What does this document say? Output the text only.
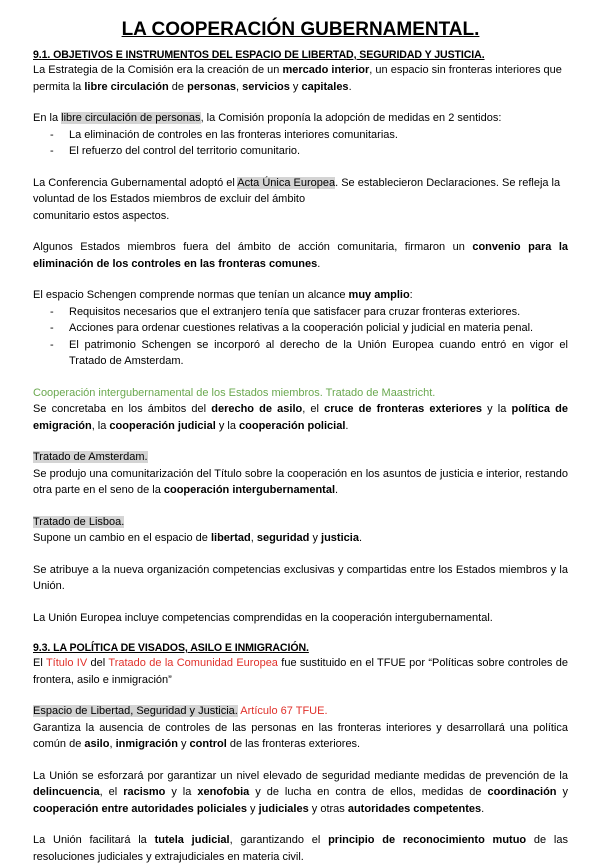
LA COOPERACIÓN GUBERNAMENTAL.
9.1. OBJETIVOS E INSTRUMENTOS DEL ESPACIO DE LIBERTAD, SEGURIDAD Y JUSTICIA.

La Estrategia de la Comisión era la creación de un mercado interior, un espacio sin fronteras interiores que permita la libre circulación de personas, servicios y capitales.

En la libre circulación de personas, la Comisión proponía la adopción de medidas en 2 sentidos:

- La eliminación de controles en las fronteras interiores comunitarias.
- El refuerzo del control del territorio comunitario.

La Conferencia Gubernamental adoptó el Acta Única Europea. Se establecieron Declaraciones. Se refleja la voluntad de los Estados miembros de excluir del ámbito
comunitario estos aspectos.

Algunos Estados miembros fuera del ámbito de acción comunitaria, firmaron un convenio para la eliminación de los controles en las fronteras comunes.

El espacio Schengen comprende normas que tenían un alcance muy amplio:

- Requisitos necesarios que el extranjero tenía que satisfacer para cruzar fronteras exteriores.
- Acciones para ordenar cuestiones relativas a la cooperación policial y judicial en materia penal.
- El patrimonio Schengen se incorporó al derecho de la Unión Europea cuando entró en vigor el Tratado de Amsterdam.

Cooperación intergubernamental de los Estados miembros. Tratado de Maastricht.

Se concretaba en los ámbitos del derecho de asilo, el cruce de fronteras exteriores y la política de emigración, la cooperación judicial y la cooperación policial.

Tratado de Amsterdam.

Se produjo una comunitarización del Título sobre la cooperación en los asuntos de justicia e interior, restando otra parte en el seno de la cooperación intergubernamental.

Tratado de Lisboa.

Supone un cambio en el espacio de libertad, seguridad y justicia.

Se atribuye a la nueva organización competencias exclusivas y compartidas entre los Estados miembros y la Unión.

La Unión Europea incluye competencias comprendidas en la cooperación intergubernamental.

9.3. LA POLÍTICA DE VISADOS, ASILO E INMIGRACIÓN.

El Título IV del Tratado de la Comunidad Europea fue sustituido en el TFUE por “Políticas sobre controles de frontera, asilo e inmigración”

Espacio de Libertad, Seguridad y Justicia. Artículo 67 TFUE.

Garantiza la ausencia de controles de las personas en las fronteras interiores y desarrollará una política común de asilo, inmigración y control de las fronteras exteriores.

La Unión se esforzará por garantizar un nivel elevado de seguridad mediante medidas de prevención de la delincuencia, el racismo y la xenofobia y de lucha en contra de ellos, medidas de coordinación y cooperación entre autoridades policiales y judiciales y otras autoridades competentes.

La Unión facilitará la tutela judicial, garantizando el principio de reconocimiento mutuo de las resoluciones judiciales y extrajudiciales en materia civil.
